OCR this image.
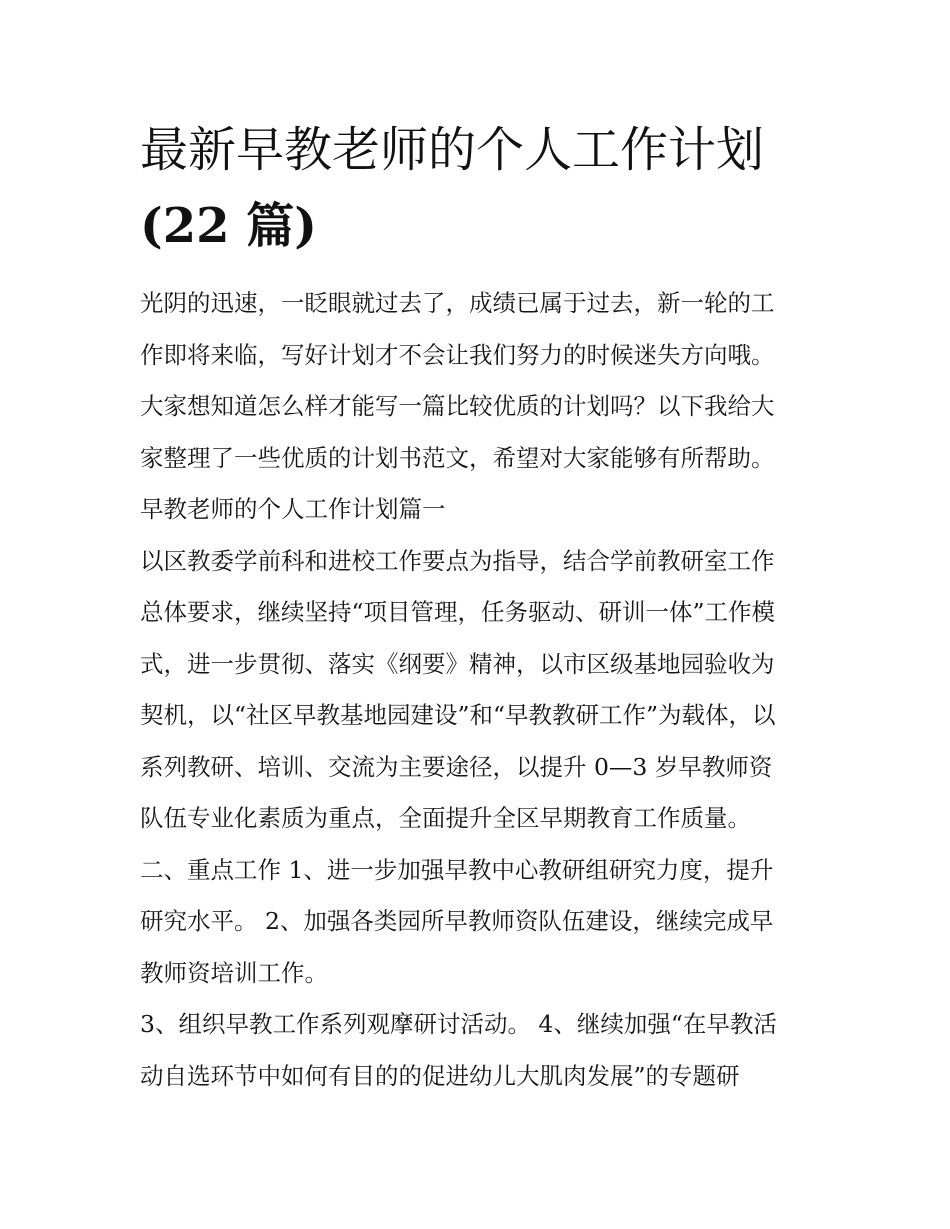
最新早教老师的个人工作计划
(22 篇)
光阴的迅速，一眨眼就过去了，成绩已属于过去，新一轮的工
作即将来临，写好计划才不会让我们努力的时候迷失方向哦。
大家想知道怎么样才能写一篇比较优质的计划吗？以下我给大
家整理了一些优质的计划书范文，希望对大家能够有所帮助。
早教老师的个人工作计划篇一
以区教委学前科和进校工作要点为指导，结合学前教研室工作
总体要求，继续坚持“项目管理，任务驱动、研训一体”工作模
式，进一步贯彻、落实《纲要》精神，以市区级基地园验收为
契机，以“社区早教基地园建设”和“早教教研工作”为载体，以
系列教研、培训、交流为主要途径，以提升 0—3 岁早教师资
队伍专业化素质为重点，全面提升全区早期教育工作质量。
二、重点工作 1、进一步加强早教中心教研组研究力度，提升
研究水平。 2、加强各类园所早教师资队伍建设，继续完成早
教师资培训工作。
3、组织早教工作系列观摩研讨活动。 4、继续加强“在早教活
动自选环节中如何有目的的促进幼儿大肌肉发展”的专题研
